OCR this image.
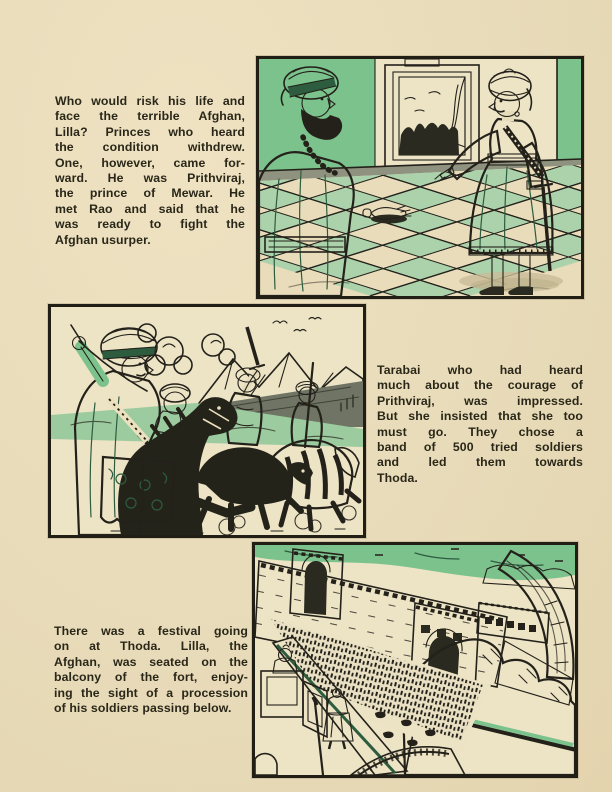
Who would risk his life and
face the terrible Afghan,
Lilla? Princes who heard
the condition withdrew.
One, however, came for-
ward. He was Prithviraj,
the prince of Mewar. He
met Rao and said that he
was ready to fight the
Afghan usurper.
Tarabai who had heard
much about the courage of
Prithviraj, was impressed.
But she insisted that she too
must go. They chose a
band of 500 tried soldiers
and led them towards
Thoda.
There was a festival going
on at Thoda. Lilla, the
Afghan, was seated on the
balcony of the fort, enjoy-
ing the sight of a procession
of his soldiers passing below.
